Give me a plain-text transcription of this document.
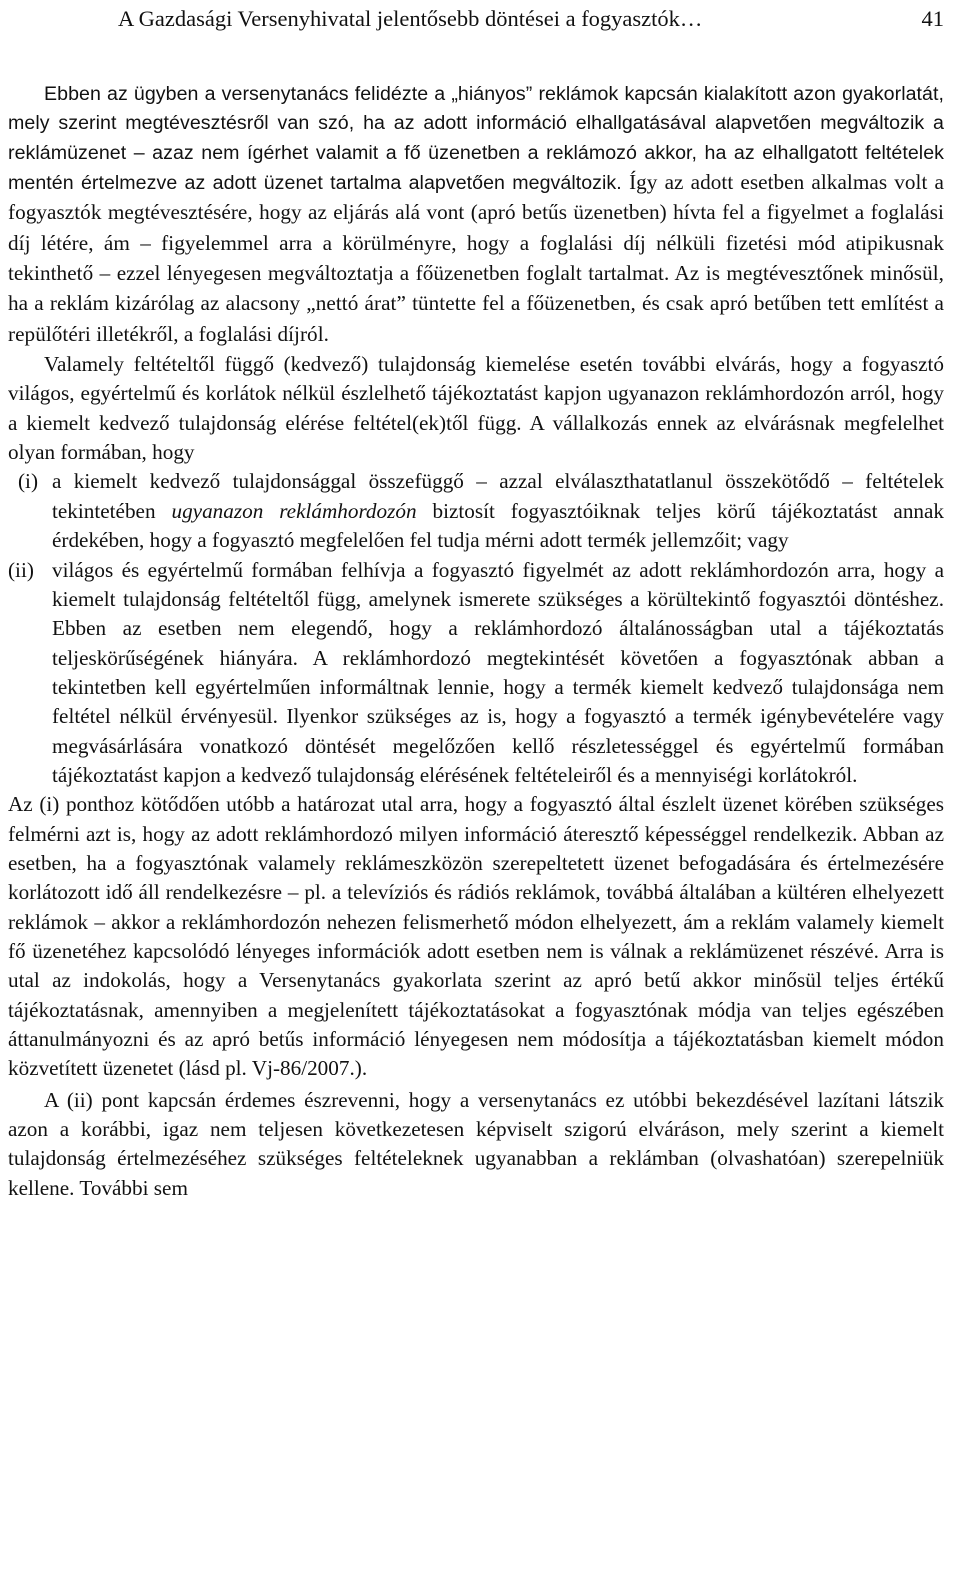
A Gazdasági Versenyhivatal jelentősebb döntései a fogyasztók…	41

Ebben az ügyben a versenytanács felidézte a „hiányos” reklámok kapcsán kialakított azon gyakorlatát, mely szerint megtévesztésről van szó, ha az adott információ elhallgatásával alapvetően megváltozik a reklámüzenet – azaz nem ígérhet valamit a fő üzenetben a reklámozó akkor, ha az elhallgatott feltételek mentén értelmezve az adott üzenet tartalma alapvetően megváltozik. Így az adott esetben alkalmas volt a fogyasztók megtévesztésére, hogy az eljárás alá vont (apró betűs üzenetben) hívta fel a figyelmet a foglalási díj létére, ám – figyelemmel arra a körülményre, hogy a foglalási díj nélküli fizetési mód atipikusnak tekinthető – ezzel lényegesen megváltoztatja a főüzenetben foglalt tartalmat. Az is megtévesztőnek minősül, ha a reklám kizárólag az alacsony „nettó árat” tüntette fel a főüzenetben, és csak apró betűben tett említést a repülőtéri illetékről, a foglalási díjról.

Valamely feltételtől függő (kedvező) tulajdonság kiemelése esetén további elvárás, hogy a fogyasztó világos, egyértelmű és korlátok nélkül észlelhető tájékoztatást kapjon ugyanazon reklámhordozón arról, hogy a kiemelt kedvező tulajdonság elérése feltétel(ek)től függ. A vállalkozás ennek az elvárásnak megfelelhet olyan formában, hogy

(i) a kiemelt kedvező tulajdonsággal összefüggő – azzal elválaszthatatlanul összekötődő – feltételek tekintetében ugyanazon reklámhordozón biztosít fogyasztóiknak teljes körű tájékoztatást annak érdekében, hogy a fogyasztó megfelelően fel tudja mérni adott termék jellemzőit; vagy
(ii) világos és egyértelmű formában felhívja a fogyasztó figyelmét az adott reklámhordozón arra, hogy a kiemelt tulajdonság feltételtől függ, amelynek ismerete szükséges a körültekintő fogyasztói döntéshez. Ebben az esetben nem elegendő, hogy a reklámhordozó általánosságban utal a tájékoztatás teljeskörűségének hiányára. A reklámhordozó megtekintését követően a fogyasztónak abban a tekintetben kell egyértelműen informáltnak lennie, hogy a termék kiemelt kedvező tulajdonsága nem feltétel nélkül érvényesül. Ilyenkor szükséges az is, hogy a fogyasztó a termék igénybevételére vagy megvásárlására vonatkozó döntését megelőzően kellő részletességgel és egyértelmű formában tájékoztatást kapjon a kedvező tulajdonság elérésének feltételeiről és a mennyiségi korlátokról.

Az (i) ponthoz kötődően utóbb a határozat utal arra, hogy a fogyasztó által észlelt üzenet körében szükséges felmérni azt is, hogy az adott reklámhordozó milyen információ áteresztő képességgel rendelkezik. Abban az esetben, ha a fogyasztónak valamely reklámeszközön szerepeltetett üzenet befogadására és értelmezésére korlátozott idő áll rendelkezésre – pl. a televíziós és rádiós reklámok, továbbá általában a kültéren elhelyezett reklámok – akkor a reklámhordozón nehezen felismerhető módon elhelyezett, ám a reklám valamely kiemelt fő üzenetéhez kapcsolódó lényeges információk adott esetben nem is válnak a reklámüzenet részévé. Arra is utal az indokolás, hogy a Versenytanács gyakorlata szerint az apró betű akkor minősül teljes értékű tájékoztatásnak, amennyiben a megjelenített tájékoztatásokat a fogyasztónak módja van teljes egészében áttanulmányozni és az apró betűs információ lényegesen nem módosítja a tájékoztatásban kiemelt módon közvetített üzenetet (lásd pl. Vj-86/2007.).

A (ii) pont kapcsán érdemes észrevenni, hogy a versenytanács ez utóbbi bekezdésével lazítani látszik azon a korábbi, igaz nem teljesen következetesen képviselt szigorú elváráson, mely szerint a kiemelt tulajdonság értelmezéséhez szükséges feltételeknek ugyanabban a reklámban (olvashatóan) szerepelniük kellene. További sem
